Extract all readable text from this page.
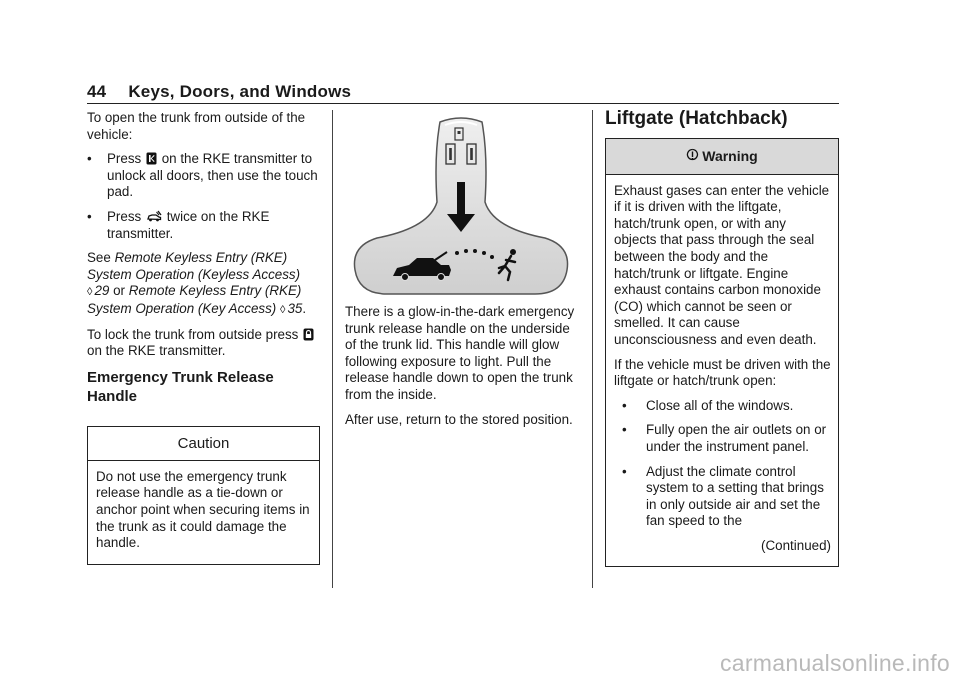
44 Keys, Doors, and Windows

To open the trunk from outside of the vehicle:

•	Press on the RKE transmitter to unlock all doors, then use the touch pad.
•	Press twice on the RKE transmitter.

See Remote Keyless Entry (RKE) System Operation (Keyless Access)
◊ 29 or Remote Keyless Entry (RKE) System Operation (Key Access) ◊ 35.

To lock the trunk from outside press  on the RKE transmitter.

Emergency Trunk Release Handle
Caution

Do not use the emergency trunk release handle as a tie-down or anchor point when securing items in the trunk as it could damage the handle.

There is a glow-in-the-dark emergency trunk release handle on the underside of the trunk lid. This handle will glow following exposure to light. Pull the release handle down to open the trunk from the inside.

After use, return to the stored position.

Liftgate (Hatchback)
Warning

Exhaust gases can enter the vehicle if it is driven with the liftgate, hatch/trunk open, or with any objects that pass through the seal between the body and the hatch/trunk or liftgate. Engine exhaust contains carbon monoxide (CO) which cannot be seen or smelled. It can cause unconsciousness and even death.

If the vehicle must be driven with the liftgate or hatch/trunk open:

•	Close all of the windows.
•	Fully open the air outlets on or under the instrument panel.
•	Adjust the climate control system to a setting that brings in only outside air and set the fan speed to the

(Continued)

carmanualsonline.info
